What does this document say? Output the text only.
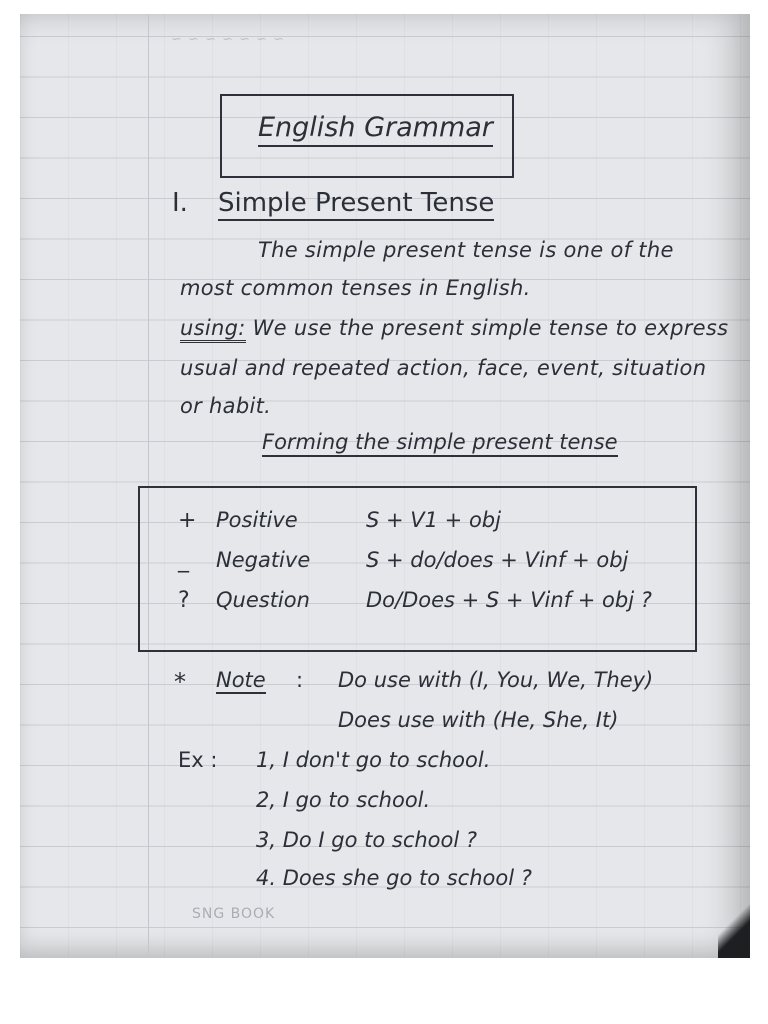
~ ~ ~ ~ ~ ~ ~
English Grammar
I. Simple Present Tense
The simple present tense is one of the
most common tenses in English.
using: We use the present simple tense to express
usual and repeated action, face, event, situation
or habit.
Forming the simple present tense
+ Positive	S + V1 + obj
_ Negative	S + do/does + Vinf + obj
? Question	Do/Does + S + Vinf + obj ?
* Note : Do use with (I, You, We, They)
Does use with (He, She, It)
Ex : 1, I don't go to school.
2, I go to school.
3, Do I go to school ?
4. Does she go to school ?
SNG BOOK
